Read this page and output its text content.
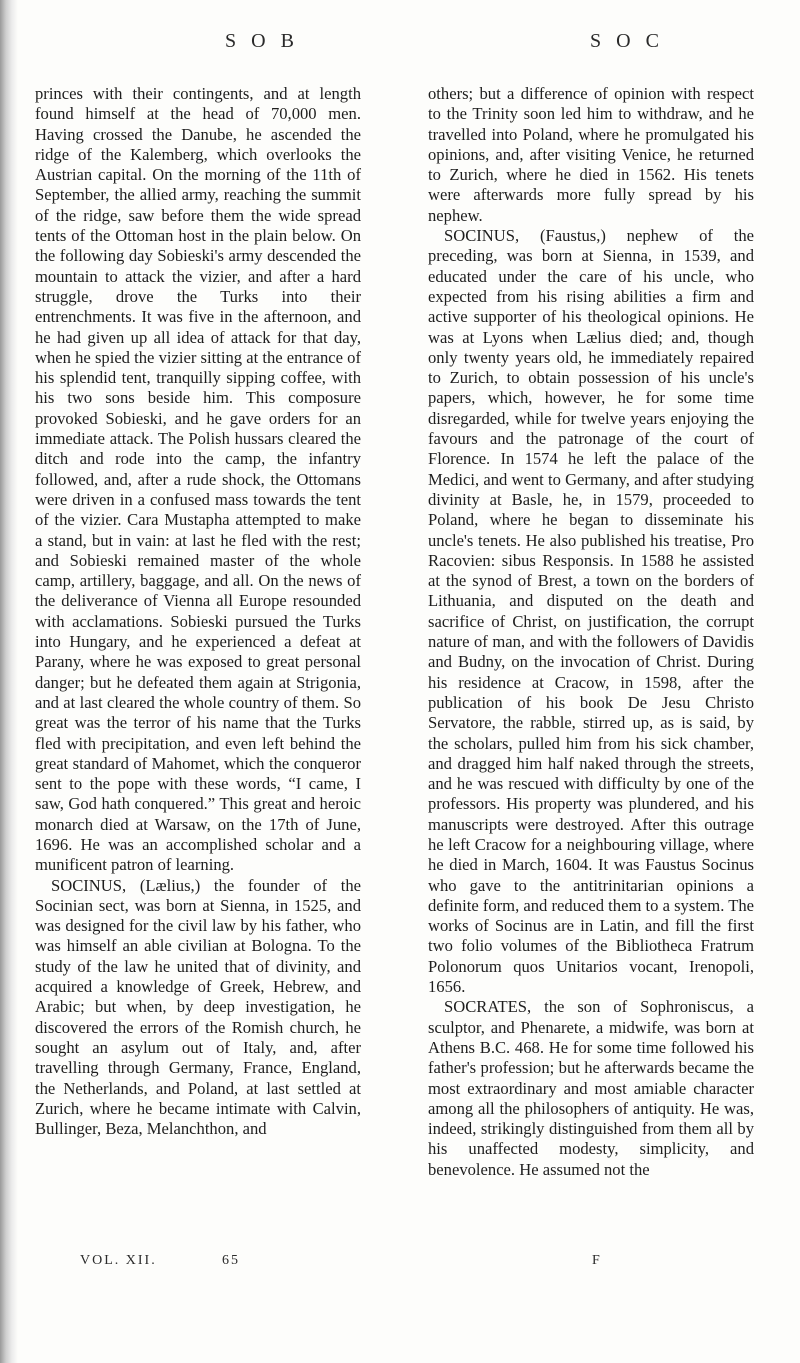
S O B	S O C

princes with their contingents, and at length found himself at the head of 70,000 men. Having crossed the Danube, he ascended the ridge of the Kalemberg, which overlooks the Austrian capital. On the morning of the 11th of September, the allied army, reaching the summit of the ridge, saw before them the wide spread tents of the Ottoman host in the plain below. On the following day Sobieski's army descended the mountain to attack the vizier, and after a hard struggle, drove the Turks into their entrenchments. It was five in the afternoon, and he had given up all idea of attack for that day, when he spied the vizier sitting at the entrance of his splendid tent, tranquilly sipping coffee, with his two sons beside him. This composure provoked Sobieski, and he gave orders for an immediate attack. The Polish hussars cleared the ditch and rode into the camp, the infantry followed, and, after a rude shock, the Ottomans were driven in a confused mass towards the tent of the vizier. Cara Mustapha attempted to make a stand, but in vain: at last he fled with the rest; and Sobieski remained master of the whole camp, artillery, baggage, and all. On the news of the deliverance of Vienna all Europe resounded with acclamations. Sobieski pursued the Turks into Hungary, and he experienced a defeat at Parany, where he was exposed to great personal danger; but he defeated them again at Strigonia, and at last cleared the whole country of them. So great was the terror of his name that the Turks fled with precipitation, and even left behind the great standard of Mahomet, which the conqueror sent to the pope with these words, “I came, I saw, God hath conquered.” This great and heroic monarch died at Warsaw, on the 17th of June, 1696. He was an accomplished scholar and a munificent patron of learning.

SOCINUS, (Lælius,) the founder of the Socinian sect, was born at Sienna, in 1525, and was designed for the civil law by his father, who was himself an able civilian at Bologna. To the study of the law he united that of divinity, and acquired a knowledge of Greek, Hebrew, and Arabic; but when, by deep investigation, he discovered the errors of the Romish church, he sought an asylum out of Italy, and, after travelling through Germany, France, England, the Netherlands, and Poland, at last settled at Zurich, where he became intimate with Calvin, Bullinger, Beza, Melanchthon, and

others; but a difference of opinion with respect to the Trinity soon led him to withdraw, and he travelled into Poland, where he promulgated his opinions, and, after visiting Venice, he returned to Zurich, where he died in 1562. His tenets were afterwards more fully spread by his nephew.

SOCINUS, (Faustus,) nephew of the preceding, was born at Sienna, in 1539, and educated under the care of his uncle, who expected from his rising abilities a firm and active supporter of his theological opinions. He was at Lyons when Lælius died; and, though only twenty years old, he immediately repaired to Zurich, to obtain possession of his uncle's papers, which, however, he for some time disregarded, while for twelve years enjoying the favours and the patronage of the court of Florence. In 1574 he left the palace of the Medici, and went to Germany, and after studying divinity at Basle, he, in 1579, proceeded to Poland, where he began to disseminate his uncle's tenets. He also published his treatise, Pro Racovien: sibus Responsis. In 1588 he assisted at the synod of Brest, a town on the borders of Lithuania, and disputed on the death and sacrifice of Christ, on justification, the corrupt nature of man, and with the followers of Davidis and Budny, on the invocation of Christ. During his residence at Cracow, in 1598, after the publication of his book De Jesu Christo Servatore, the rabble, stirred up, as is said, by the scholars, pulled him from his sick chamber, and dragged him half naked through the streets, and he was rescued with difficulty by one of the professors. His property was plundered, and his manuscripts were destroyed. After this outrage he left Cracow for a neighbouring village, where he died in March, 1604. It was Faustus Socinus who gave to the antitrinitarian opinions a definite form, and reduced them to a system. The works of Socinus are in Latin, and fill the first two folio volumes of the Bibliotheca Fratrum Polonorum quos Unitarios vocant, Irenopoli, 1656.

SOCRATES, the son of Sophroniscus, a sculptor, and Phenarete, a midwife, was born at Athens B.C. 468. He for some time followed his father's profession; but he afterwards became the most extraordinary and most amiable character among all the philosophers of antiquity. He was, indeed, strikingly distinguished from them all by his unaffected modesty, simplicity, and benevolence. He assumed not the

VOL. XII.	65	F
